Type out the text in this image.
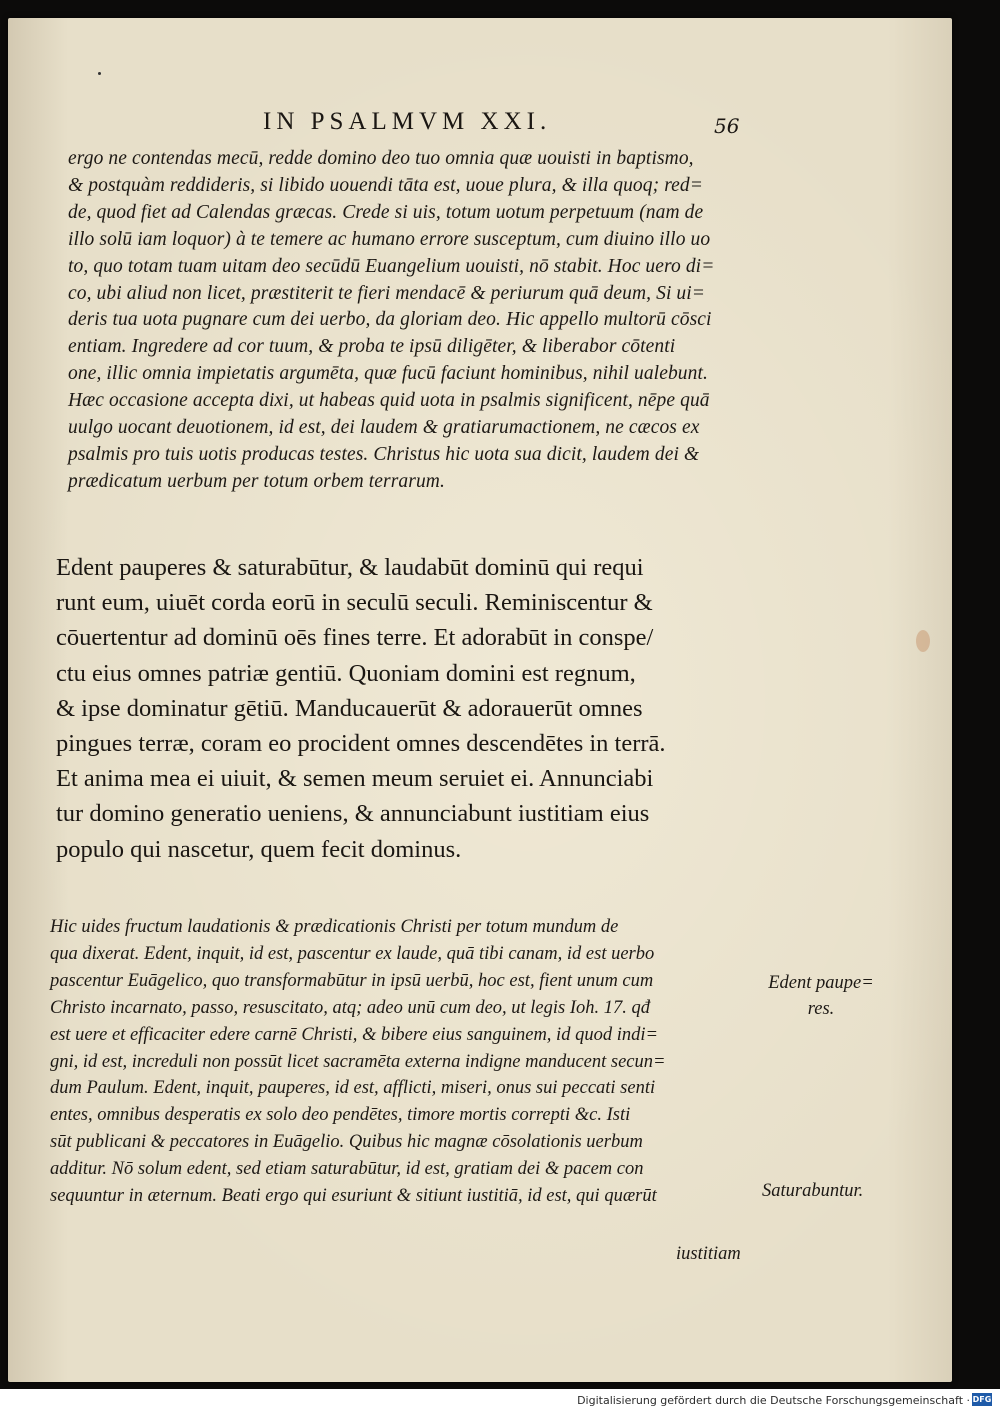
IN PSALMVM XXI.	56
ergo ne contendas mecū, redde domino deo tuo omnia quæ uouisti in baptismo,
& postquàm reddideris, si libido uouendi tāta est, uoue plura, & illa quoq; red=
de, quod fiet ad Calendas græcas. Crede si uis, totum uotum perpetuum (nam de
illo solū iam loquor) à te temere ac humano errore susceptum, cum diuino illo uo
to, quo totam tuam uitam deo secūdū Euangelium uouisti, nō stabit. Hoc uero di=
co, ubi aliud non licet, præstiterit te fieri mendacē & periurum quā deum, Si ui=
deris tua uota pugnare cum dei uerbo, da gloriam deo. Hic appello multorū cōsci
entiam. Ingredere ad cor tuum, & proba te ipsū diligēter, & liberabor cōtenti
one, illic omnia impietatis argumēta, quæ fucū faciunt hominibus, nihil ualebunt.
Hæc occasione accepta dixi, ut habeas quid uota in psalmis significent, nēpe quā
uulgo uocant deuotionem, id est, dei laudem & gratiarumactionem, ne cæcos ex
psalmis pro tuis uotis producas testes. Christus hic uota sua dicit, laudem dei &
prædicatum uerbum per totum orbem terrarum.
Edent pauperes & saturabūtur, & laudabūt dominū qui requi
runt eum, uiuēt corda eorū in seculū seculi. Reminiscentur &
cōuertentur ad dominū oēs fines terre. Et adorabūt in conspe/
ctu eius omnes patriæ gentiū. Quoniam domini est regnum,
& ipse dominatur gētiū. Manducauerūt & adorauerūt omnes
pingues terræ, coram eo procident omnes descendētes in terrā.
Et anima mea ei uiuit, & semen meum seruiet ei. Annunciabi
tur domino generatio ueniens, & annunciabunt iustitiam eius
populo qui nascetur, quem fecit dominus.
Hic uides fructum laudationis & prædicationis Christi per totum mundum de
qua dixerat. Edent, inquit, id est, pascentur ex laude, quā tibi canam, id est uerbo
pascentur Euāgelico, quo transformabūtur in ipsū uerbū, hoc est, fient unum cum
Christo incarnato, passo, resuscitato, atq; adeo unū cum deo, ut legis Ioh. 17. qđ
est uere et efficaciter edere carnē Christi, & bibere eius sanguinem, id quod indi=
gni, id est, increduli non possūt licet sacramēta externa indigne manducent secun=
dum Paulum. Edent, inquit, pauperes, id est, afflicti, miseri, onus sui peccati senti
entes, omnibus desperatis ex solo deo pendētes, timore mortis correpti &c. Isti
sūt publicani & peccatores in Euāgelio. Quibus hic magnæ cōsolationis uerbum
additur. Nō solum edent, sed etiam saturabūtur, id est, gratiam dei & pacem con
sequuntur in æternum. Beati ergo qui esuriunt & sitiunt iustitiā, id est, qui quærūt
Edent paupe=
res.
Saturabuntur.
iustitiam
Digitalisierung gefördert durch die Deutsche Forschungsgemeinschaft · DFG
